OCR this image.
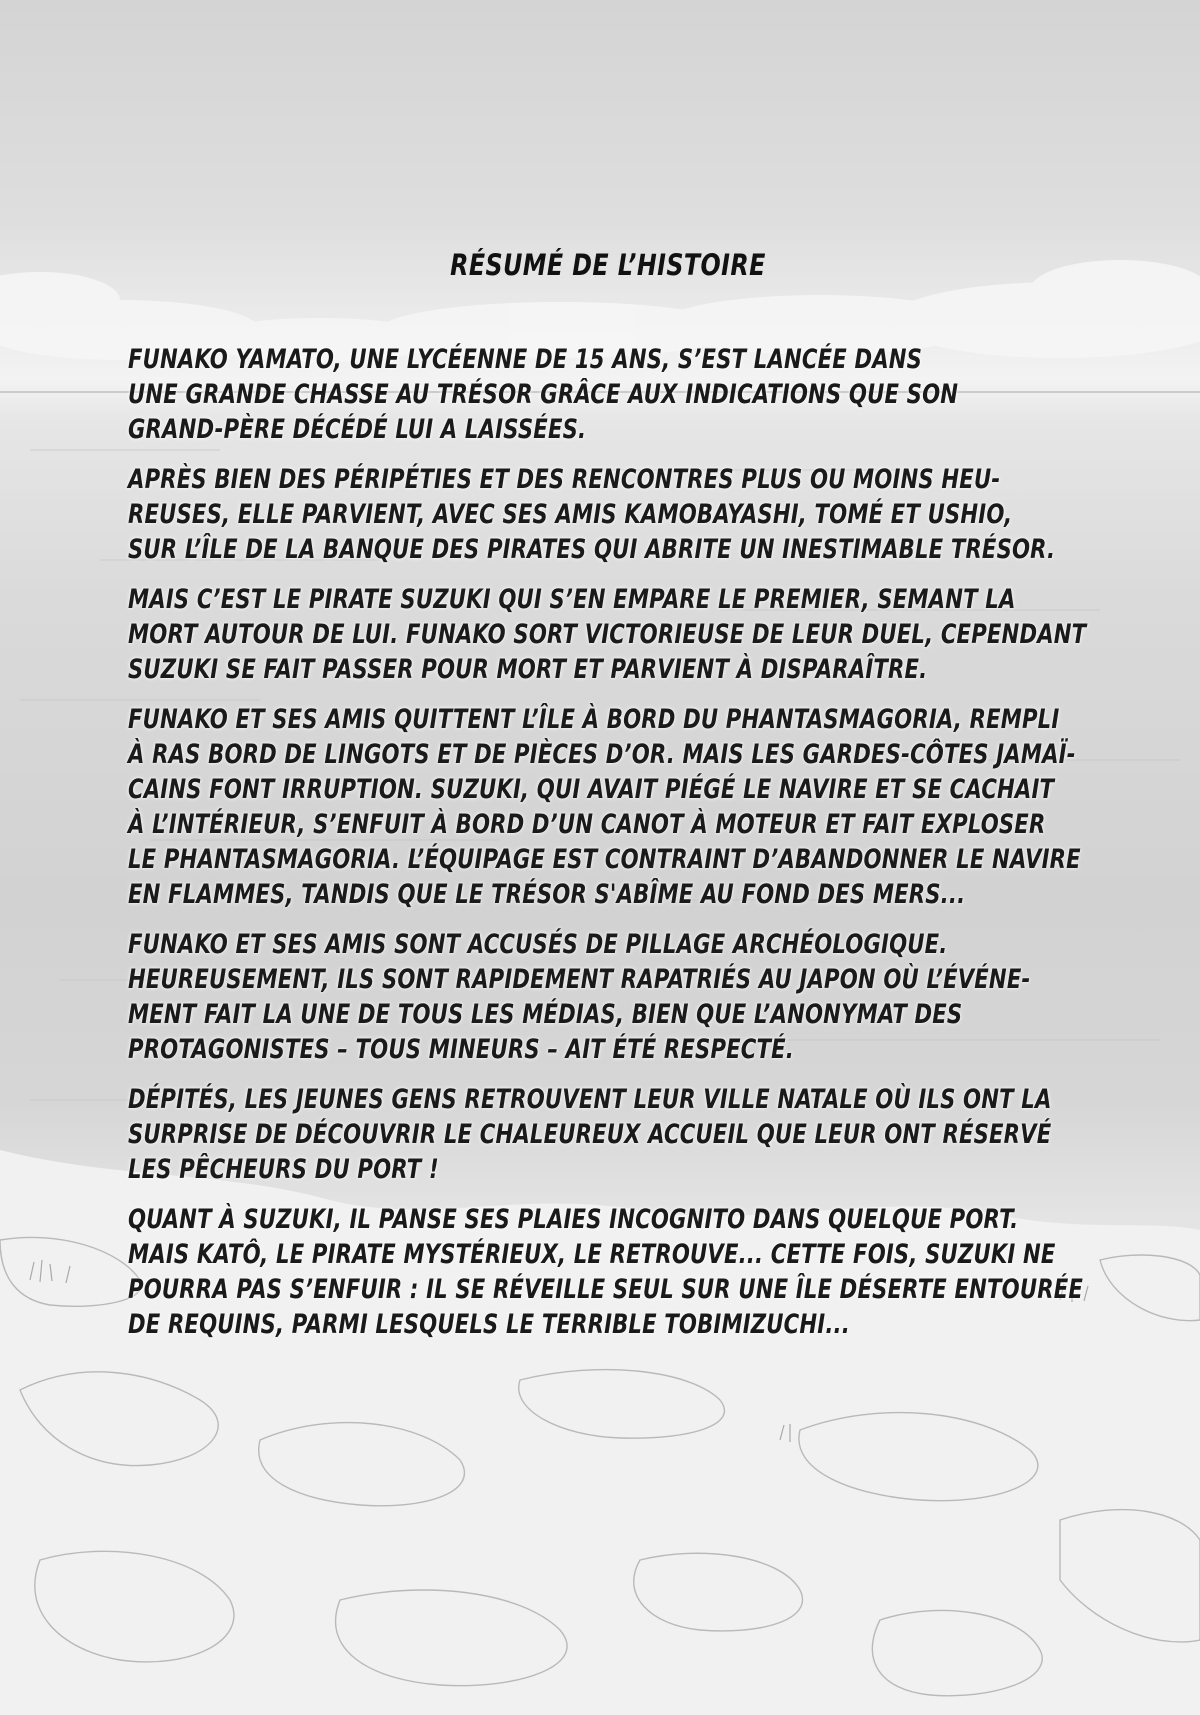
RÉSUMÉ DE L’HISTOIRE

FUNAKO YAMATO, UNE LYCÉENNE DE 15 ANS, S’EST LANCÉE DANS
UNE GRANDE CHASSE AU TRÉSOR GRÂCE AUX INDICATIONS QUE SON
GRAND-PÈRE DÉCÉDÉ LUI A LAISSÉES.

APRÈS BIEN DES PÉRIPÉTIES ET DES RENCONTRES PLUS OU MOINS HEU-
REUSES, ELLE PARVIENT, AVEC SES AMIS KAMOBAYASHI, TOMÉ ET USHIO,
SUR L’ÎLE DE LA BANQUE DES PIRATES QUI ABRITE UN INESTIMABLE TRÉSOR.

MAIS C’EST LE PIRATE SUZUKI QUI S’EN EMPARE LE PREMIER, SEMANT LA
MORT AUTOUR DE LUI. FUNAKO SORT VICTORIEUSE DE LEUR DUEL, CEPENDANT
SUZUKI SE FAIT PASSER POUR MORT ET PARVIENT À DISPARAÎTRE.

FUNAKO ET SES AMIS QUITTENT L’ÎLE À BORD DU PHANTASMAGORIA, REMPLI
À RAS BORD DE LINGOTS ET DE PIÈCES D’OR. MAIS LES GARDES-CÔTES JAMAÏ-
CAINS FONT IRRUPTION. SUZUKI, QUI AVAIT PIÉGÉ LE NAVIRE ET SE CACHAIT
À L’INTÉRIEUR, S’ENFUIT À BORD D’UN CANOT À MOTEUR ET FAIT EXPLOSER
LE PHANTASMAGORIA. L’ÉQUIPAGE EST CONTRAINT D’ABANDONNER LE NAVIRE
EN FLAMMES, TANDIS QUE LE TRÉSOR S'ABÎME AU FOND DES MERS...

FUNAKO ET SES AMIS SONT ACCUSÉS DE PILLAGE ARCHÉOLOGIQUE.
HEUREUSEMENT, ILS SONT RAPIDEMENT RAPATRIÉS AU JAPON OÙ L’ÉVÉNE-
MENT FAIT LA UNE DE TOUS LES MÉDIAS, BIEN QUE L’ANONYMAT DES
PROTAGONISTES – TOUS MINEURS – AIT ÉTÉ RESPECTÉ.

DÉPITÉS, LES JEUNES GENS RETROUVENT LEUR VILLE NATALE OÙ ILS ONT LA
SURPRISE DE DÉCOUVRIR LE CHALEUREUX ACCUEIL QUE LEUR ONT RÉSERVÉ
LES PÊCHEURS DU PORT !

QUANT À SUZUKI, IL PANSE SES PLAIES INCOGNITO DANS QUELQUE PORT.
MAIS KATÔ, LE PIRATE MYSTÉRIEUX, LE RETROUVE... CETTE FOIS, SUZUKI NE
POURRA PAS S’ENFUIR : IL SE RÉVEILLE SEUL SUR UNE ÎLE DÉSERTE ENTOURÉE
DE REQUINS, PARMI LESQUELS LE TERRIBLE TOBIMIZUCHI...
